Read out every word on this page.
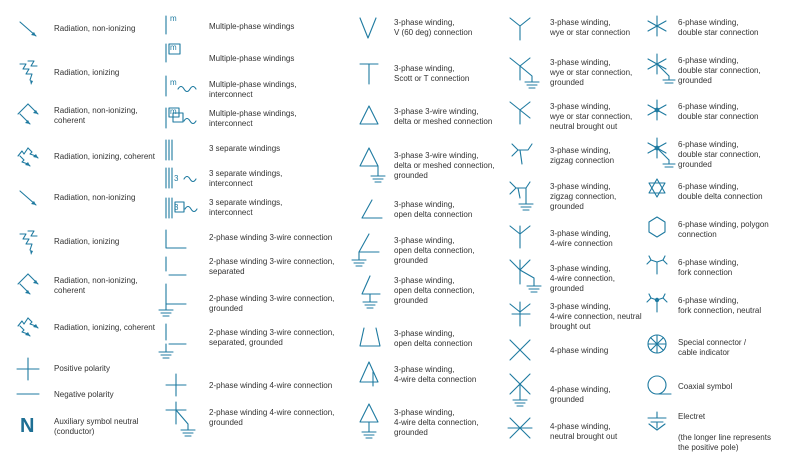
Radiation, non-ionizing
Radiation, ionizing
Radiation, non-ionizing,
coherent
Radiation, ionizing, coherent
Radiation, non-ionizing
Radiation, ionizing
Radiation, non-ionizing,
coherent
Radiation, ionizing, coherent
Positive polarity
Negative polarity
N Auxiliary symbol neutral
(conductor)
m
Multiple-phase windings
m
Multiple-phase windings
m	Multiple-phase windings,
interconnect
m	Multiple-phase windings,
interconnect
3 separate windings
3
3 separate windings,
interconnect
3
3 separate windings,
interconnect
2-phase winding 3-wire connection
2-phase winding 3-wire connection,
separated
2-phase winding 3-wire connection,
grounded
2-phase winding 3-wire connection,
separated, grounded
2-phase winding 4-wire connection
2-phase winding 4-wire connection,
grounded
3-phase winding,
V (60 deg) connection
3-phase winding,
Scott or T connection
3-phase 3-wire winding,
delta or meshed connection
3-phase 3-wire winding,
delta or meshed connection,
grounded
3-phase winding,
open delta connection
3-phase winding,
open delta connection,
grounded
3-phase winding,
open delta connection,
grounded
3-phase winding,
open delta connection
3-phase winding,
4-wire delta connection
3-phase winding,
4-wire delta connection,
grounded
3-phase winding,
wye or star connection
3-phase winding,
wye or star connection,
grounded
3-phase winding,
wye or star connection,
neutral brought out
3-phase winding,
zigzag connection
3-phase winding,
zigzag connection,
grounded
3-phase winding,
4-wire connection
3-phase winding,
4-wire connection,
grounded
3-phase winding,
4-wire connection, neutral
brought out
4-phase winding
4-phase winding, grounded
4-phase winding,
neutral brought out
6-phase winding,
double star connection
6-phase winding,
double star connection,
grounded
6-phase winding,
double star connection
6-phase winding,
double star connection,
grounded
6-phase winding,
double delta connection
6-phase winding, polygon
connection
6-phase winding,
fork connection
6-phase winding,
fork connection, neutral
Special connector /
cable indicator
Coaxial symbol
Electret
(the longer line represents
the positive pole)
